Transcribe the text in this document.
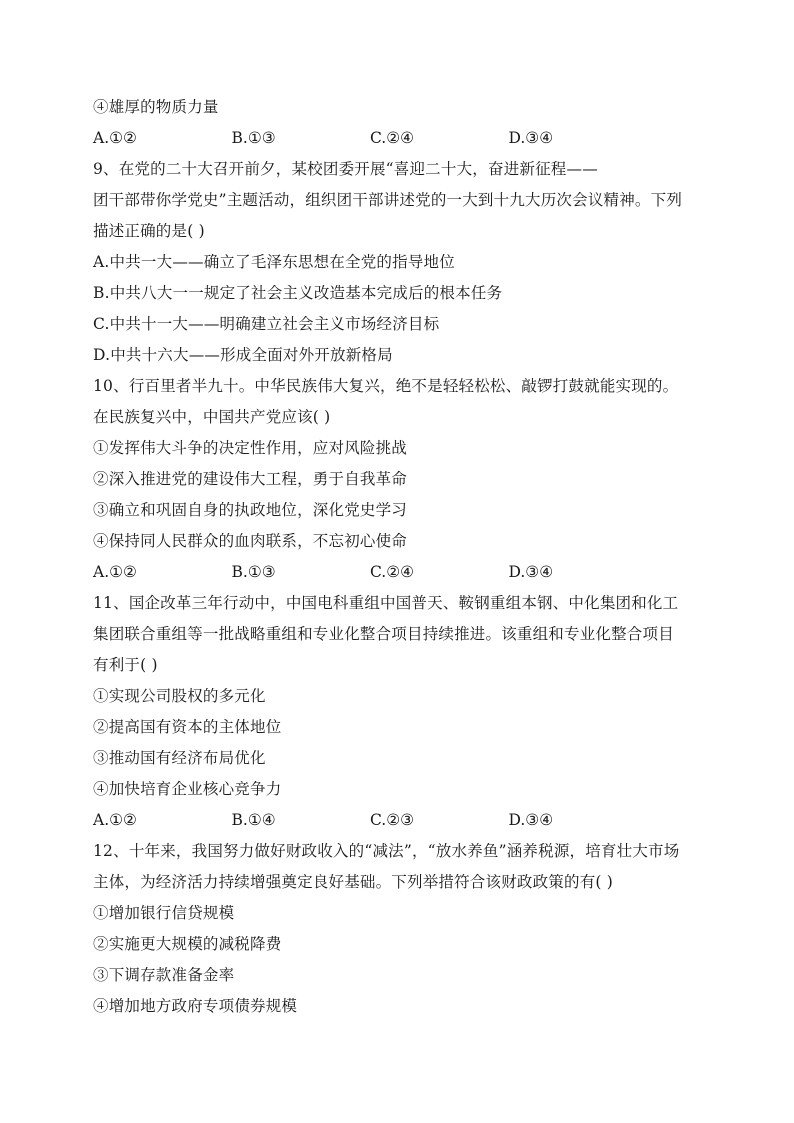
④雄厚的物质力量
A.①②	B.①③	C.②④	D.③④
9、在党的二十大召开前夕，某校团委开展“喜迎二十大，奋进新征程——
团干部带你学党史”主题活动，组织团干部讲述党的一大到十九大历次会议精神。下列
描述正确的是( )
A.中共一大——确立了毛泽东思想在全党的指导地位
B.中共八大一一规定了社会主义改造基本完成后的根本任务
C.中共十一大——明确建立社会主义市场经济目标
D.中共十六大——形成全面对外开放新格局
10、行百里者半九十。中华民族伟大复兴，绝不是轻轻松松、敲锣打鼓就能实现的。
在民族复兴中，中国共产党应该( )
①发挥伟大斗争的决定性作用，应对风险挑战
②深入推进党的建设伟大工程，勇于自我革命
③确立和巩固自身的执政地位，深化党史学习
④保持同人民群众的血肉联系，不忘初心使命
A.①②	B.①③	C.②④	D.③④
11、国企改革三年行动中，中国电科重组中国普天、鞍钢重组本钢、中化集团和化工
集团联合重组等一批战略重组和专业化整合项目持续推进。该重组和专业化整合项目
有利于( )
①实现公司股权的多元化
②提高国有资本的主体地位
③推动国有经济布局优化
④加快培育企业核心竞争力
A.①②	B.①④	C.②③	D.③④
12、十年来，我国努力做好财政收入的“减法”，“放水养鱼”涵养税源，培育壮大市场
主体，为经济活力持续增强奠定良好基础。下列举措符合该财政政策的有( )
①增加银行信贷规模
②实施更大规模的减税降费
③下调存款准备金率
④增加地方政府专项债券规模
